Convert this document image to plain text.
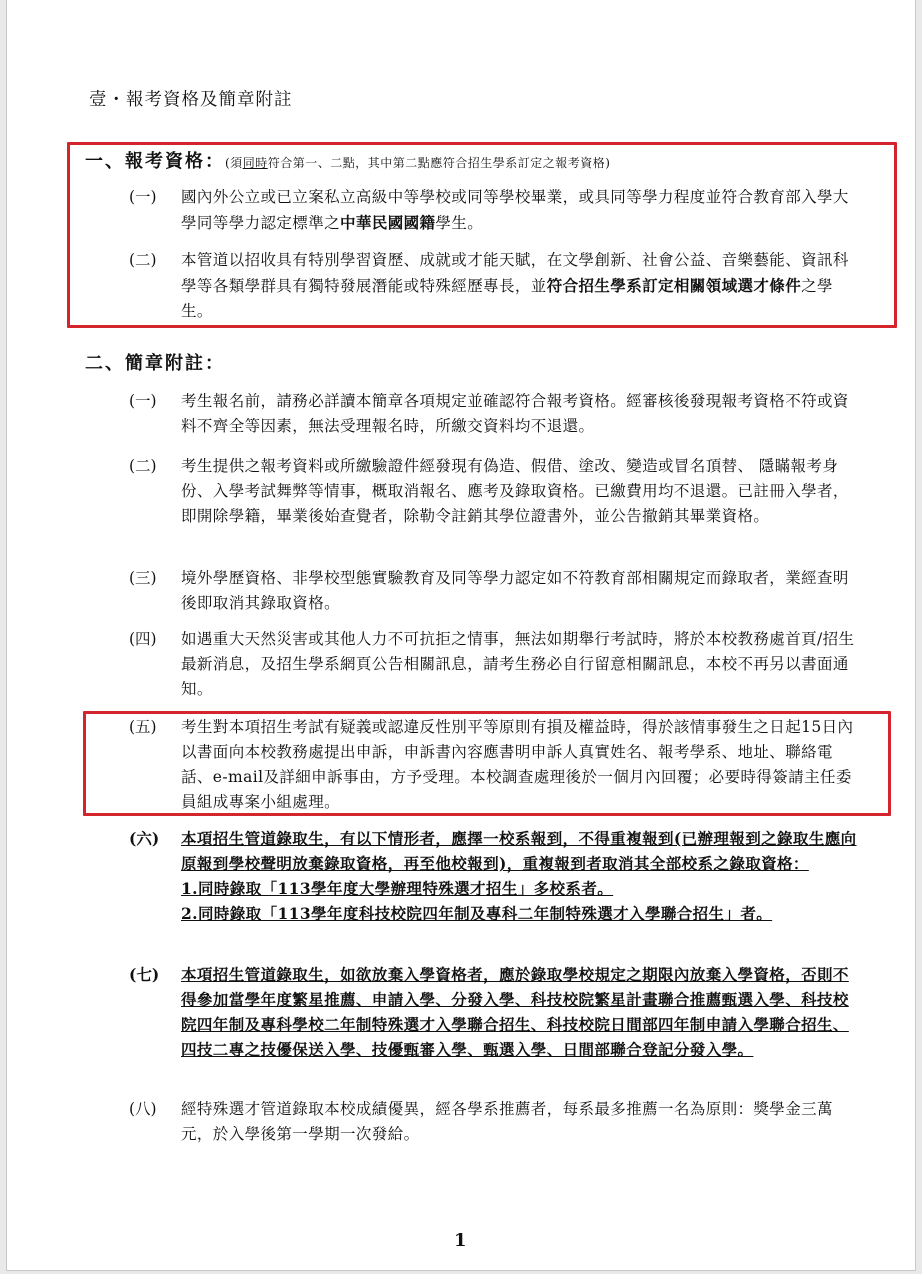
壹・報考資格及簡章附註
一、報考資格：(須同時符合第一、二點，其中第二點應符合招生學系訂定之報考資格)
(一) 國內外公立或已立案私立高級中等學校或同等學校畢業，或具同等學力程度並符合教育部入學大學同等學力認定標準之中華民國國籍學生。
(二) 本管道以招收具有特別學習資歷、成就或才能天賦，在文學創新、社會公益、音樂藝能、資訊科學等各類學群具有獨特發展潛能或特殊經歷專長，並符合招生學系訂定相關領域選才條件之學生。
二、簡章附註：
(一) 考生報名前，請務必詳讀本簡章各項規定並確認符合報考資格。經審核後發現報考資格不符或資料不齊全等因素，無法受理報名時，所繳交資料均不退還。
(二) 考生提供之報考資料或所繳驗證件經發現有偽造、假借、塗改、變造或冒名頂替、 隱瞞報考身份、入學考試舞弊等情事，概取消報名、應考及錄取資格。已繳費用均不退還。已註冊入學者，即開除學籍，畢業後始查覺者，除勒令註銷其學位證書外，並公告撤銷其畢業資格。
(三) 境外學歷資格、非學校型態實驗教育及同等學力認定如不符教育部相關規定而錄取者，業經查明後即取消其錄取資格。
(四) 如遇重大天然災害或其他人力不可抗拒之情事，無法如期舉行考試時，將於本校教務處首頁/招生最新消息，及招生學系網頁公告相關訊息，請考生務必自行留意相關訊息，本校不再另以書面通知。
(五) 考生對本項招生考試有疑義或認違反性別平等原則有損及權益時，得於該情事發生之日起15日內以書面向本校教務處提出申訴，申訴書內容應書明申訴人真實姓名、報考學系、地址、聯絡電話、e-mail及詳細申訴事由，方予受理。本校調查處理後於一個月內回覆；必要時得簽請主任委員組成專案小組處理。
(六) 本項招生管道錄取生，有以下情形者，應擇一校系報到，不得重複報到(已辦理報到之錄取生應向原報到學校聲明放棄錄取資格，再至他校報到)，重複報到者取消其全部校系之錄取資格：
1.同時錄取「113學年度大學辦理特殊選才招生」多校系者。
2.同時錄取「113學年度科技校院四年制及專科二年制特殊選才入學聯合招生」者。
(七) 本項招生管道錄取生，如欲放棄入學資格者，應於錄取學校規定之期限內放棄入學資格，否則不得參加當學年度繁星推薦、申請入學、分發入學、科技校院繁星計畫聯合推薦甄選入學、科技校院四年制及專科學校二年制特殊選才入學聯合招生、科技校院日間部四年制申請入學聯合招生、四技二專之技優保送入學、技優甄審入學、甄選入學、日間部聯合登記分發入學。
(八) 經特殊選才管道錄取本校成績優異，經各學系推薦者，每系最多推薦一名為原則：獎學金三萬元，於入學後第一學期一次發給。
1
